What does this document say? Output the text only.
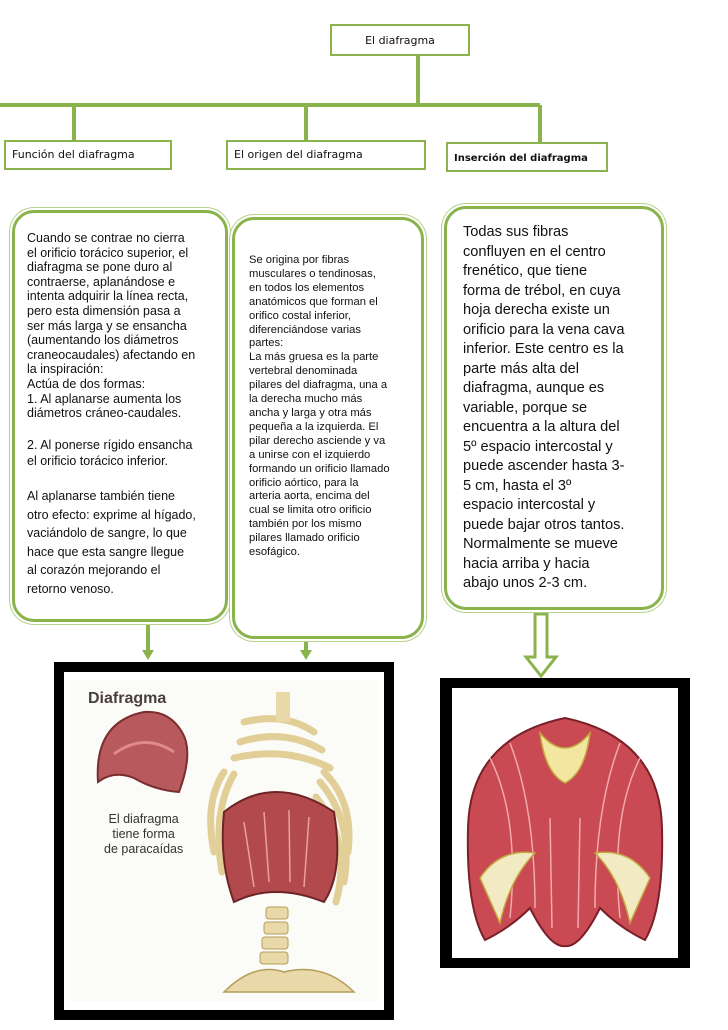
El diafragma
Función del diafragma	El origen del diafragma	Inserción del diafragma
Cuando se contrae no cierra
el orificio torácico superior, el
diafragma se pone duro al
contraerse, aplanándose e
intenta adquirir la línea recta,
pero esta dimensión pasa a
ser más larga y se ensancha
(aumentando los diámetros
craneocaudales) afectando en
la inspiración:
Actúa de dos formas:
1. Al aplanarse aumenta los
diámetros cráneo-caudales.
2. Al ponerse rígido ensancha
el orificio torácico inferior.
Al aplanarse también tiene
otro efecto: exprime al hígado,
vaciándolo de sangre, lo que
hace que esta sangre llegue
al corazón mejorando el
retorno venoso.
Se origina por fibras
musculares o tendinosas,
en todos los elementos
anatómicos que forman el
orifico costal inferior,
diferenciándose varias
partes:
La más gruesa es la parte
vertebral denominada
pilares del diafragma, una a
la derecha mucho más
ancha y larga y otra más
pequeña a la izquierda. El
pilar derecho asciende y va
a unirse con el izquierdo
formando un orificio llamado
orificio aórtico, para la
arteria aorta, encima del
cual se limita otro orificio
también por los mismo
pilares llamado orificio
esofágico.
Todas sus fibras
confluyen en el centro
frenético, que tiene
forma de trébol, en cuya
hoja derecha existe un
orificio para la vena cava
inferior. Este centro es la
parte más alta del
diafragma, aunque es
variable, porque se
encuentra a la altura del
5º espacio intercostal y
puede ascender hasta 3-
5 cm, hasta el 3º
espacio intercostal y
puede bajar otros tantos.
Normalmente se mueve
hacia arriba y hacia
abajo unos 2-3 cm.
Diafragma
El diafragma
tiene forma
de paracaídas
